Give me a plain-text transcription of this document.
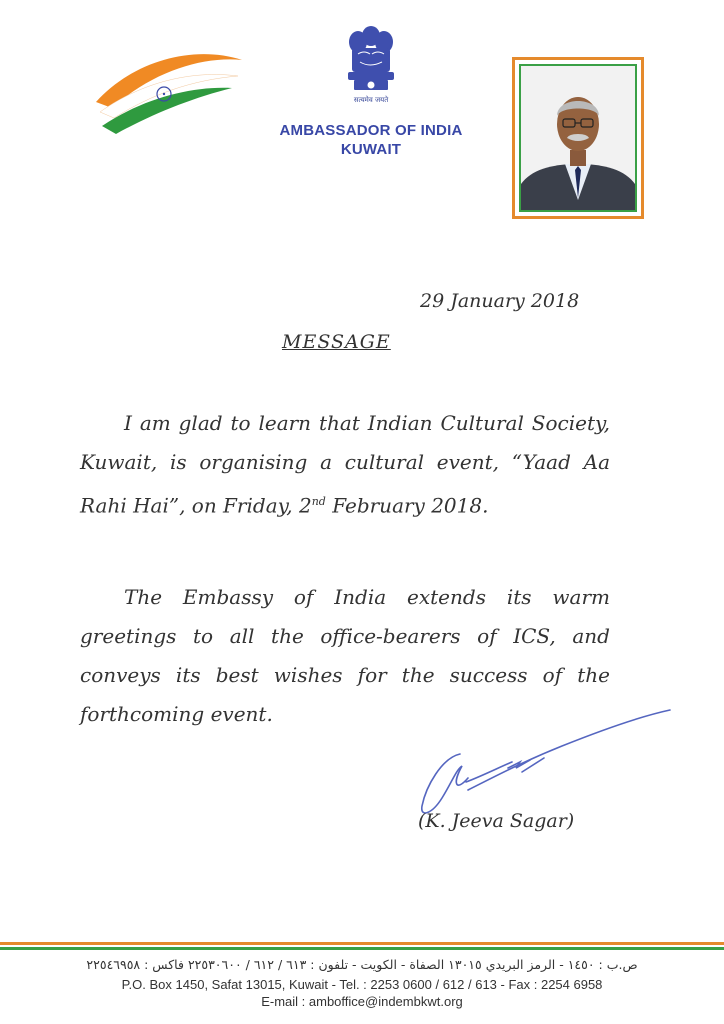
सत्यमेव जयते
AMBASSADOR OF INDIA
KUWAIT
29 January 2018
MESSAGE

I am glad to learn that Indian Cultural Society, Kuwait, is organising a cultural event, “Yaad Aa Rahi Hai”, on Friday, 2nd February 2018.

The Embassy of India extends its warm greetings to all the office-bearers of ICS, and conveys its best wishes for the success of the forthcoming event.

(K. Jeeva Sagar)
ص.ب : ١٤٥٠ - الرمز البريدي ١٣٠١٥ الصفاة - الكويت - تلفون : ٦١٣ / ٦١٢ / ٢٢٥٣٠٦٠٠ فاكس : ٢٢٥٤٦٩٥٨
P.O. Box 1450, Safat 13015, Kuwait - Tel. : 2253 0600 / 612 / 613 - Fax : 2254 6958
E-mail : amboffice@indembkwt.org
